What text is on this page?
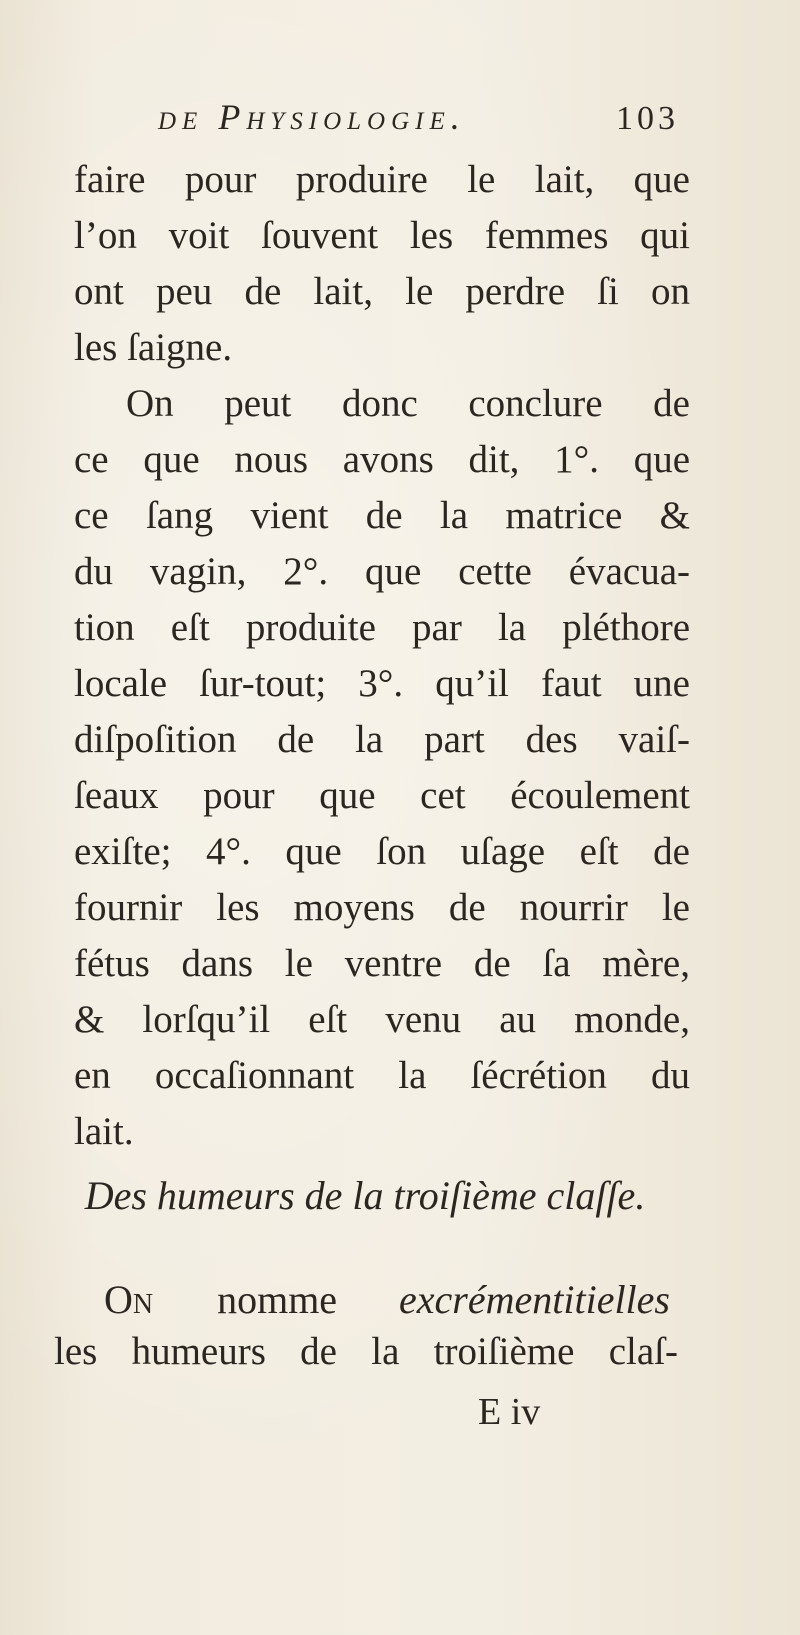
de Physiologie.	103
faire pour produire le lait, que
l’on voit ſouvent les femmes qui
ont peu de lait, le perdre ſi on
les ſaigne.
On peut donc conclure de
ce que nous avons dit, 1°. que
ce ſang vient de la matrice &
du vagin, 2°. que cette évacua-
tion eſt produite par la pléthore
locale ſur-tout; 3°. qu’il faut une
diſpoſition de la part des vaiſ-
ſeaux pour que cet écoulement
exiſte; 4°. que ſon uſage eſt de
fournir les moyens de nourrir le
fétus dans le ventre de ſa mère,
& lorſqu’il eſt venu au monde,
en occaſionnant la ſécrétion du
lait.
Des humeurs de la troiſième claſſe.
ON nomme excrémentitielles
les humeurs de la troiſième claſ-
E iv
